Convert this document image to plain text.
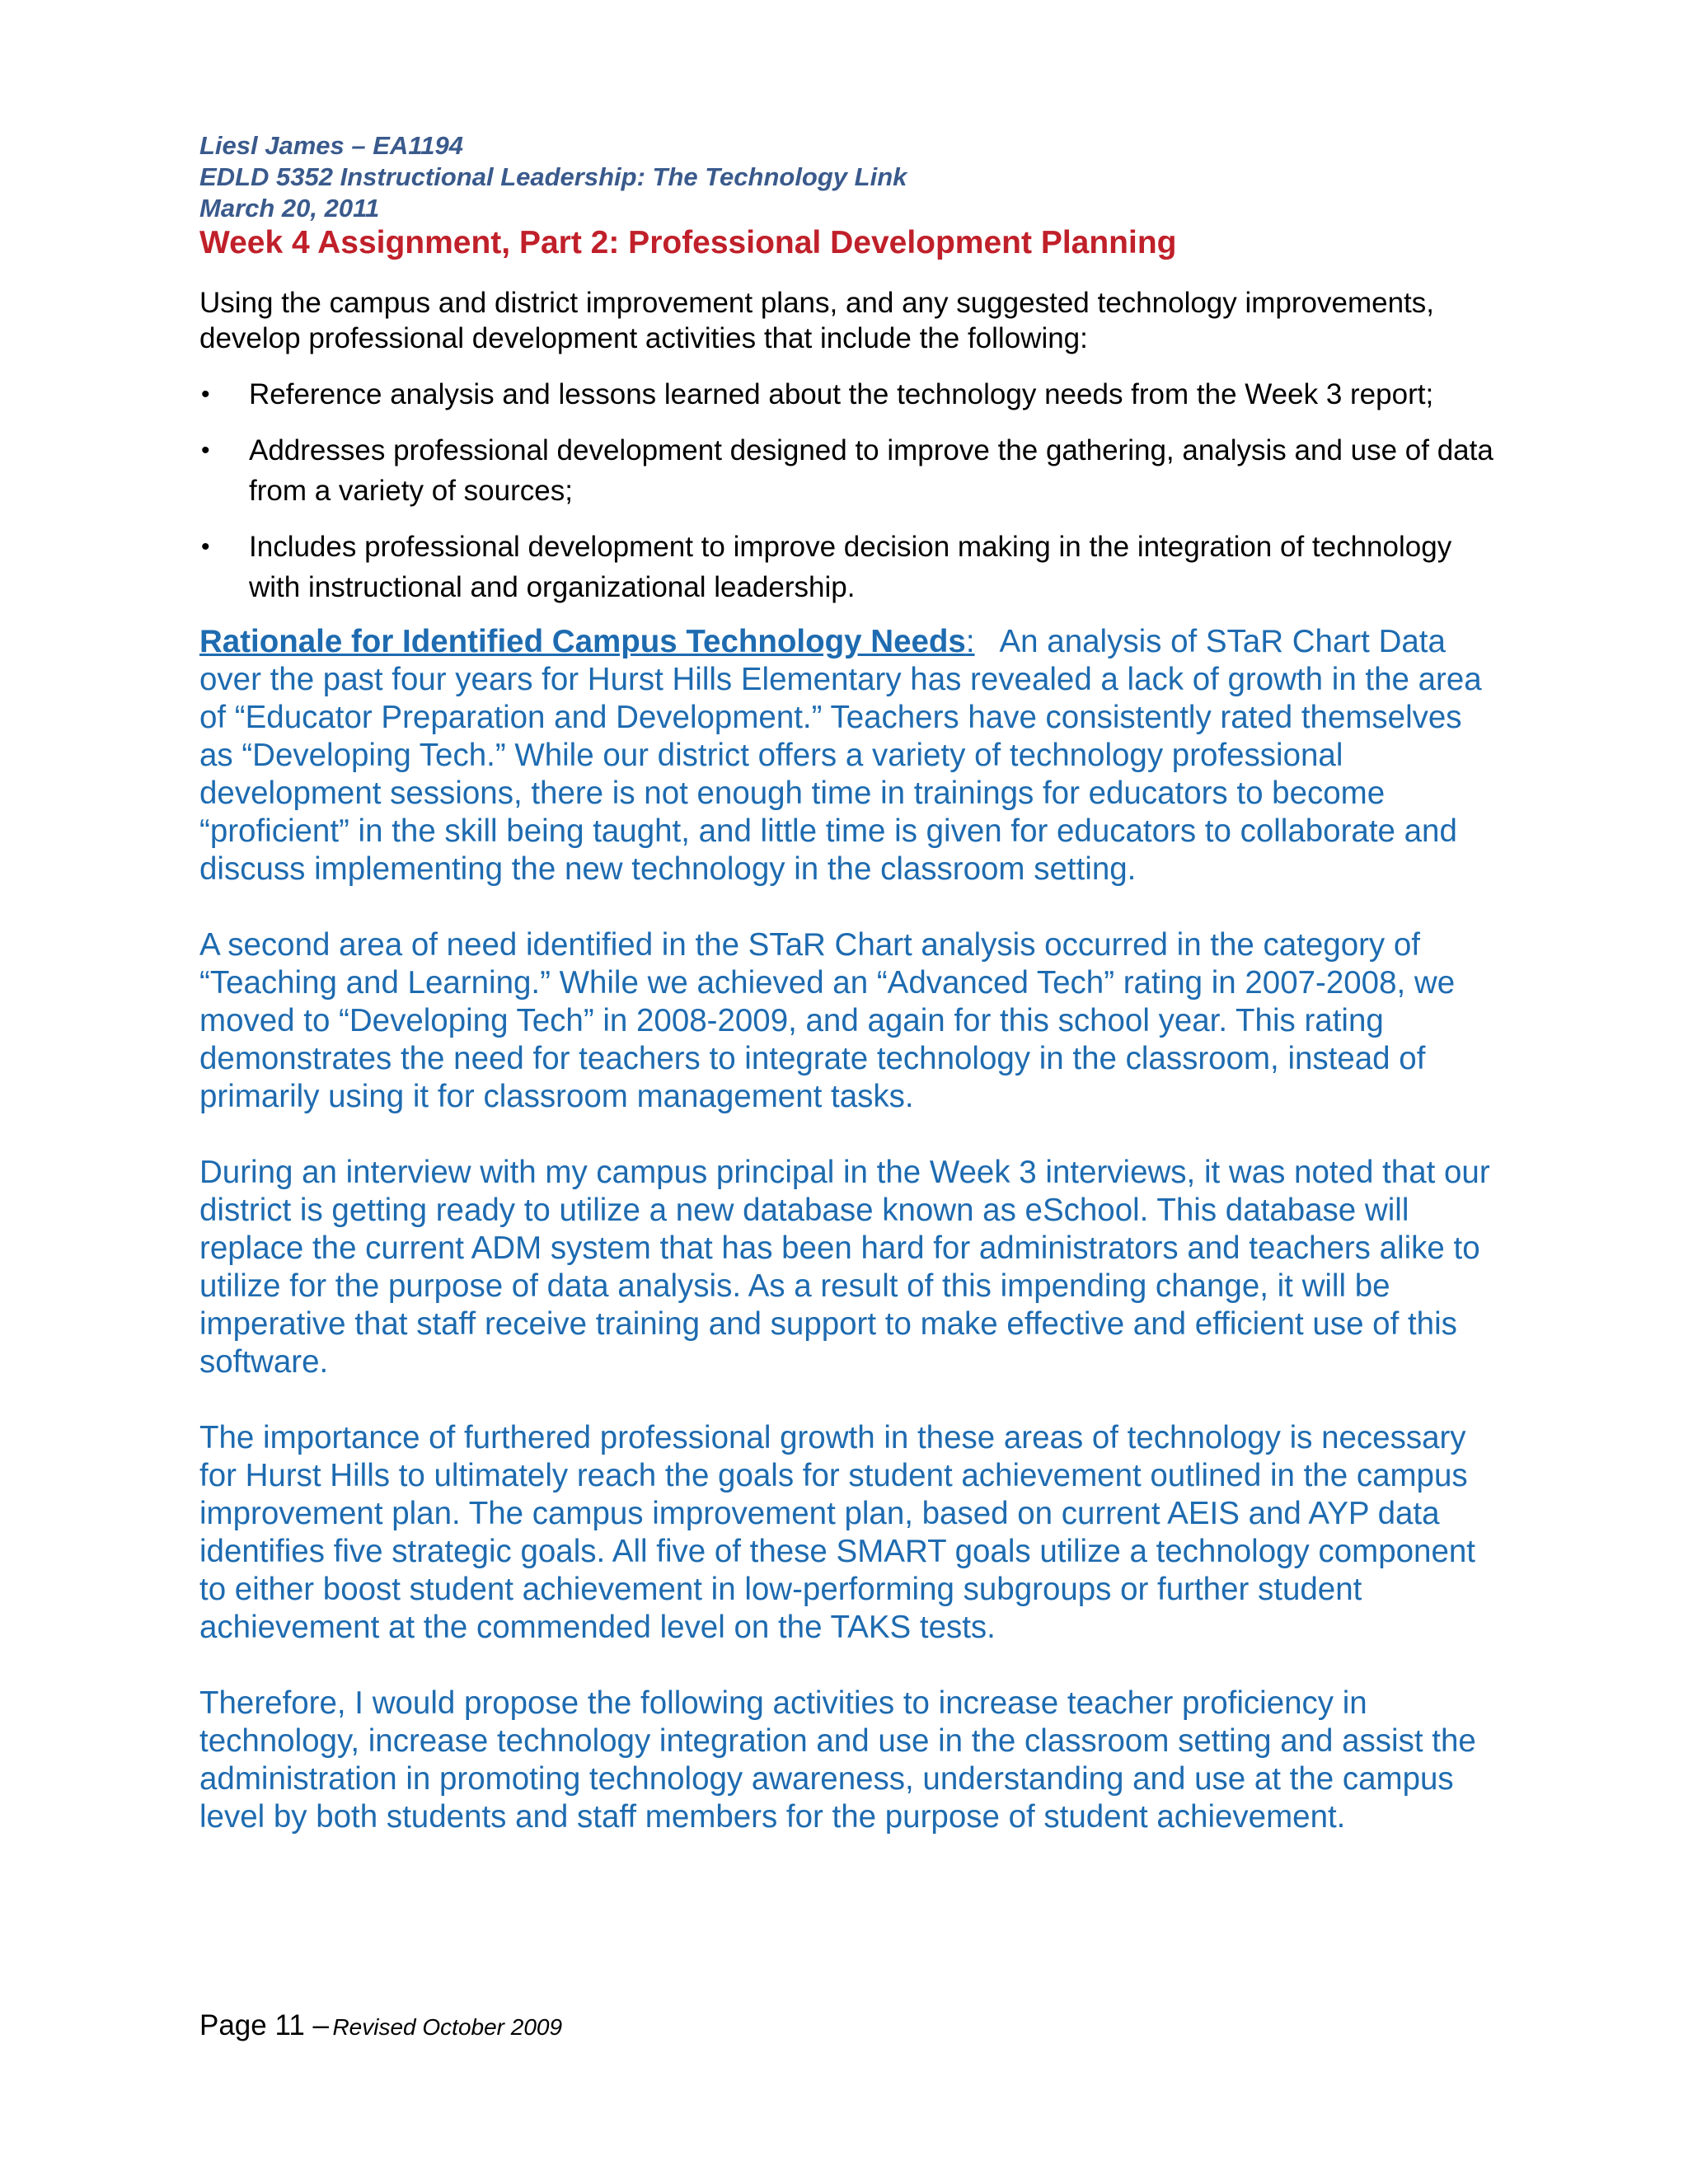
Liesl James – EA1194

EDLD 5352 Instructional Leadership: The Technology Link

March 20, 2011

Week 4 Assignment, Part 2: Professional Development Planning

Using the campus and district improvement plans, and any suggested technology improvements, develop professional development activities that include the following:

• Reference analysis and lessons learned about the technology needs from the Week 3 report;
• Addresses professional development designed to improve the gathering, analysis and use of data from a variety of sources;
• Includes professional development to improve decision making in the integration of technology with instructional and organizational leadership.

Rationale for Identified Campus Technology Needs: An analysis of STaR Chart Data over the past four years for Hurst Hills Elementary has revealed a lack of growth in the area of “Educator Preparation and Development.” Teachers have consistently rated themselves as “Developing Tech.” While our district offers a variety of technology professional development sessions, there is not enough time in trainings for educators to become “proficient” in the skill being taught, and little time is given for educators to collaborate and discuss implementing the new technology in the classroom setting.

A second area of need identified in the STaR Chart analysis occurred in the category of “Teaching and Learning.” While we achieved an “Advanced Tech” rating in 2007-2008, we moved to “Developing Tech” in 2008-2009, and again for this school year. This rating demonstrates the need for teachers to integrate technology in the classroom, instead of primarily using it for classroom management tasks.

During an interview with my campus principal in the Week 3 interviews, it was noted that our district is getting ready to utilize a new database known as eSchool. This database will replace the current ADM system that has been hard for administrators and teachers alike to utilize for the purpose of data analysis. As a result of this impending change, it will be imperative that staff receive training and support to make effective and efficient use of this software.

The importance of furthered professional growth in these areas of technology is necessary for Hurst Hills to ultimately reach the goals for student achievement outlined in the campus improvement plan. The campus improvement plan, based on current AEIS and AYP data identifies five strategic goals. All five of these SMART goals utilize a technology component to either boost student achievement in low-performing subgroups or further student achievement at the commended level on the TAKS tests.

Therefore, I would propose the following activities to increase teacher proficiency in technology, increase technology integration and use in the classroom setting and assist the administration in promoting technology awareness, understanding and use at the campus level by both students and staff members for the purpose of student achievement.

Page 11 – Revised October 2009
